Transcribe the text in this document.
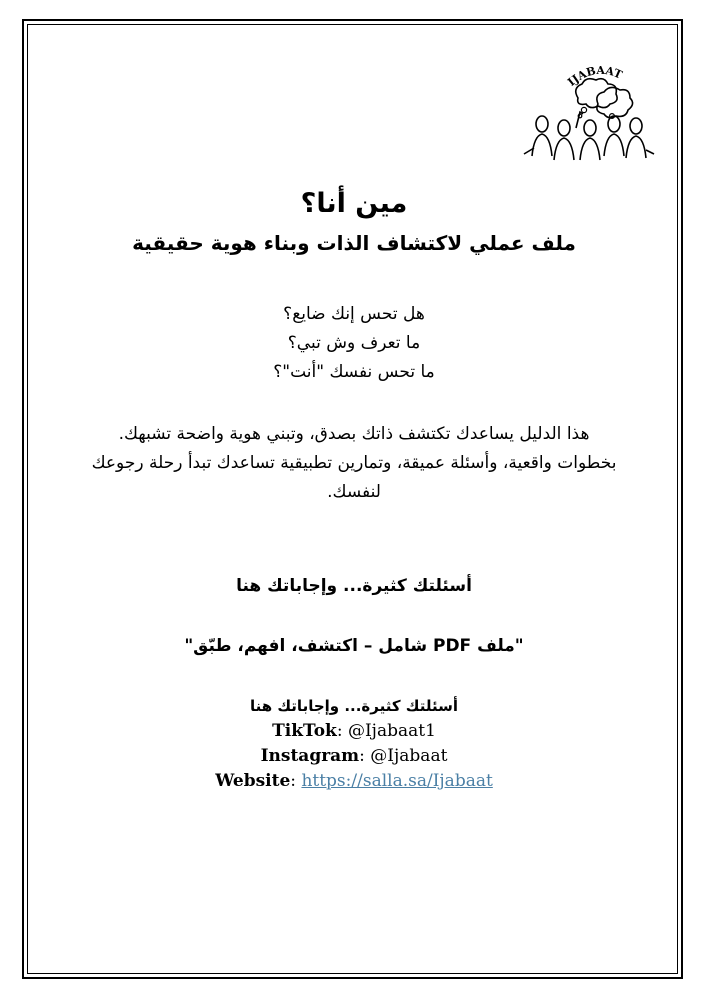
IJABAAT
مين أنا؟
ملف عملي لاكتشاف الذات وبناء هوية حقيقية
هل تحس إنك ضايع؟
ما تعرف وش تبي؟
ما تحس نفسك "أنت"؟
هذا الدليل يساعدك تكتشف ذاتك بصدق، وتبني هوية واضحة تشبهك.
بخطوات واقعية، وأسئلة عميقة، وتمارين تطبيقية تساعدك تبدأ رحلة رجوعك لنفسك.
أسئلتك كثيرة... وإجاباتك هنا
"ملف PDF شامل – اكتشف، افهم، طبّق"
أسئلتك كثيرة... وإجاباتك هنا
TikTok: @Ijabaat1
Instagram: @Ijabaat
Website: https://salla.sa/Ijabaat
